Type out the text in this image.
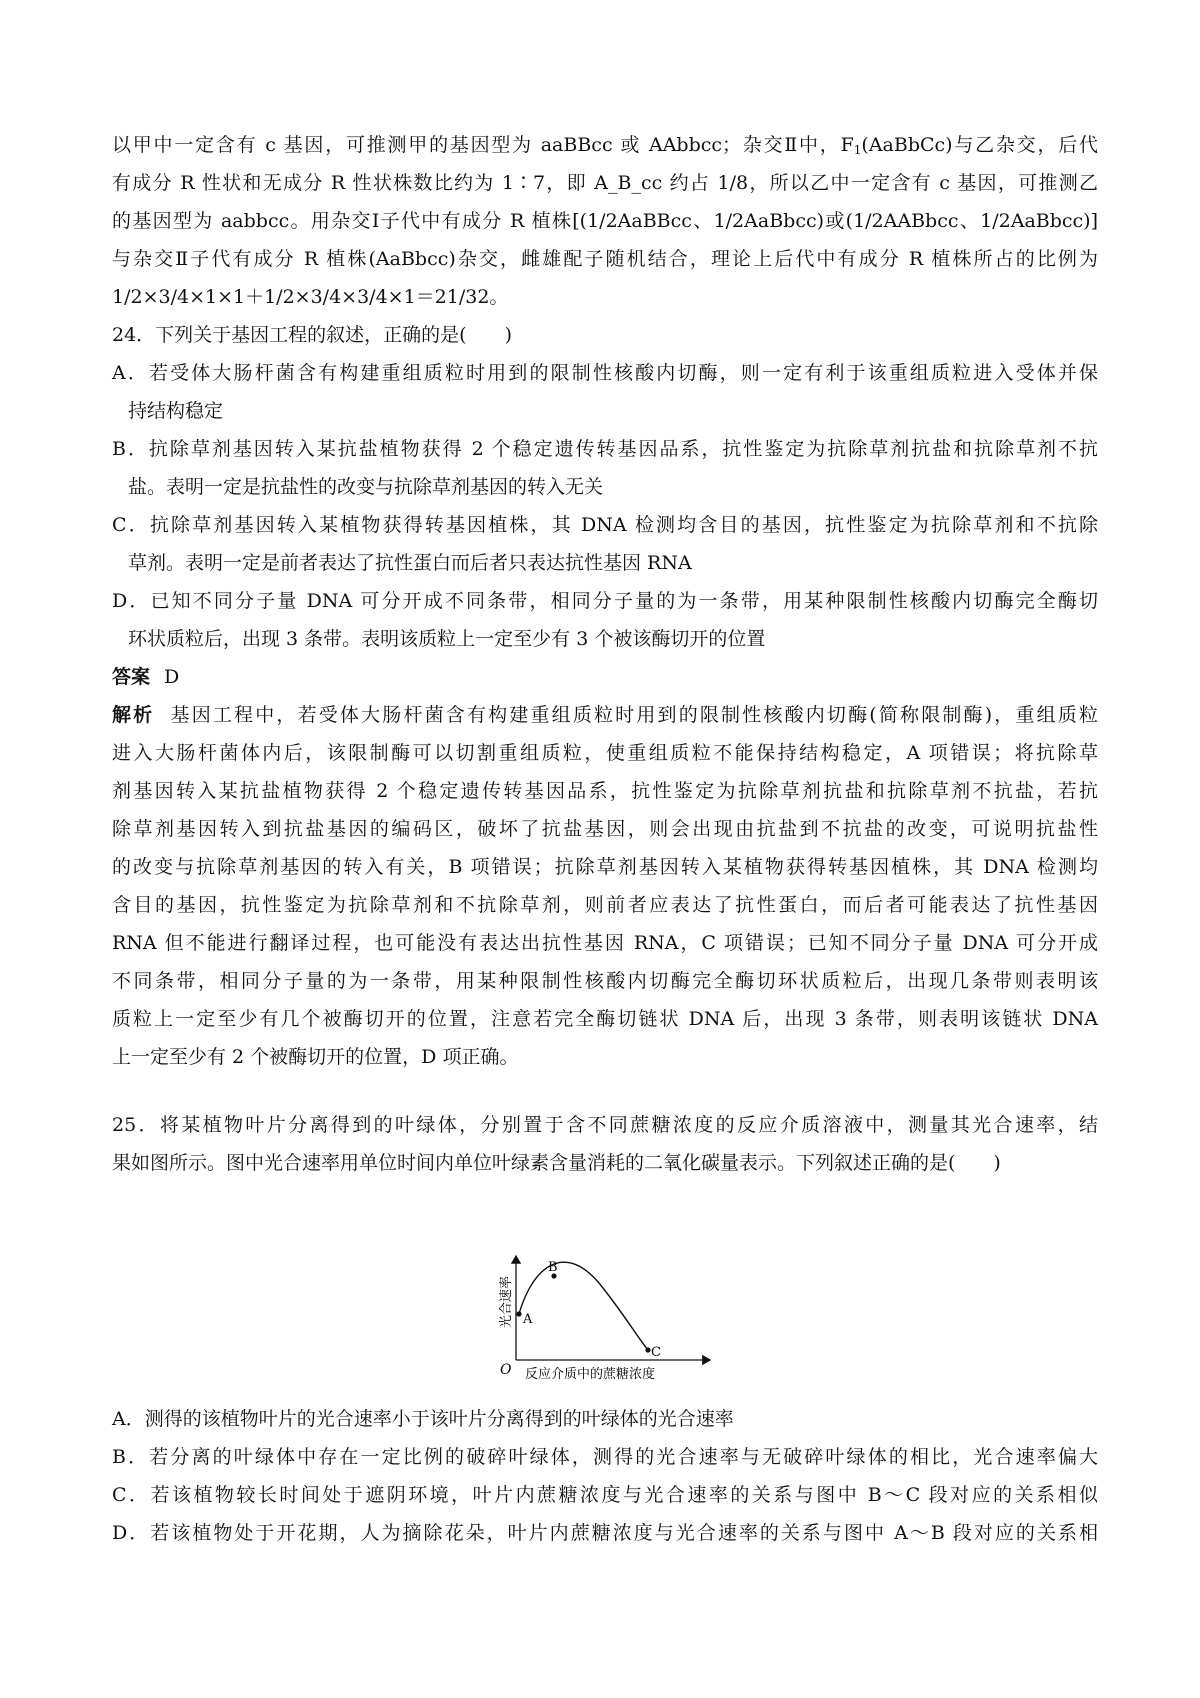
以甲中一定含有 c 基因，可推测甲的基因型为 aaBBcc 或 AAbbcc；杂交Ⅱ中，$F_1(AaBbCc)$与乙杂交，后代
有成分 R 性状和无成分 R 性状株数比约为 1∶7，即 A_B_cc 约占 1/8，所以乙中一定含有 c 基因，可推测乙
的基因型为 aabbcc。用杂交Ⅰ子代中有成分 R 植株[(1/2AaBBcc、1/2AaBbcc)或(1/2AABbcc、1/2AaBbcc)]
与杂交Ⅱ子代有成分 R 植株(AaBbcc)杂交，雌雄配子随机结合，理论上后代中有成分 R 植株所占的比例为
1/2×3/4×1×1＋1/2×3/4×3/4×1＝21/32。
24．下列关于基因工程的叙述，正确的是(　　)
A．若受体大肠杆菌含有构建重组质粒时用到的限制性核酸内切酶，则一定有利于该重组质粒进入受体并保
持结构稳定
B．抗除草剂基因转入某抗盐植物获得 2 个稳定遗传转基因品系，抗性鉴定为抗除草剂抗盐和抗除草剂不抗
盐。表明一定是抗盐性的改变与抗除草剂基因的转入无关
C．抗除草剂基因转入某植物获得转基因植株，其 DNA 检测均含目的基因，抗性鉴定为抗除草剂和不抗除
草剂。表明一定是前者表达了抗性蛋白而后者只表达抗性基因 RNA
D．已知不同分子量 DNA 可分开成不同条带，相同分子量的为一条带，用某种限制性核酸内切酶完全酶切
环状质粒后，出现 3 条带。表明该质粒上一定至少有 3 个被该酶切开的位置
答案 D
解析 基因工程中，若受体大肠杆菌含有构建重组质粒时用到的限制性核酸内切酶(简称限制酶)，重组质粒
进入大肠杆菌体内后，该限制酶可以切割重组质粒，使重组质粒不能保持结构稳定，A 项错误；将抗除草
剂基因转入某抗盐植物获得 2 个稳定遗传转基因品系，抗性鉴定为抗除草剂抗盐和抗除草剂不抗盐，若抗
除草剂基因转入到抗盐基因的编码区，破坏了抗盐基因，则会出现由抗盐到不抗盐的改变，可说明抗盐性
的改变与抗除草剂基因的转入有关，B 项错误；抗除草剂基因转入某植物获得转基因植株，其 DNA 检测均
含目的基因，抗性鉴定为抗除草剂和不抗除草剂，则前者应表达了抗性蛋白，而后者可能表达了抗性基因
RNA 但不能进行翻译过程，也可能没有表达出抗性基因 RNA，C 项错误；已知不同分子量 DNA 可分开成
不同条带，相同分子量的为一条带，用某种限制性核酸内切酶完全酶切环状质粒后，出现几条带则表明该
质粒上一定至少有几个被酶切开的位置，注意若完全酶切链状 DNA 后，出现 3 条带，则表明该链状 DNA
上一定至少有 2 个被酶切开的位置，D 项正确。
25．将某植物叶片分离得到的叶绿体，分别置于含不同蔗糖浓度的反应介质溶液中，测量其光合速率，结
果如图所示。图中光合速率用单位时间内单位叶绿素含量消耗的二氧化碳量表示。下列叙述正确的是(　　)
A
B
C
O 反应介质中的蔗糖浓度
光合速率
A．测得的该植物叶片的光合速率小于该叶片分离得到的叶绿体的光合速率
B．若分离的叶绿体中存在一定比例的破碎叶绿体，测得的光合速率与无破碎叶绿体的相比，光合速率偏大
C．若该植物较长时间处于遮阴环境，叶片内蔗糖浓度与光合速率的关系与图中 B～C 段对应的关系相似
D．若该植物处于开花期，人为摘除花朵，叶片内蔗糖浓度与光合速率的关系与图中 A～B 段对应的关系相
